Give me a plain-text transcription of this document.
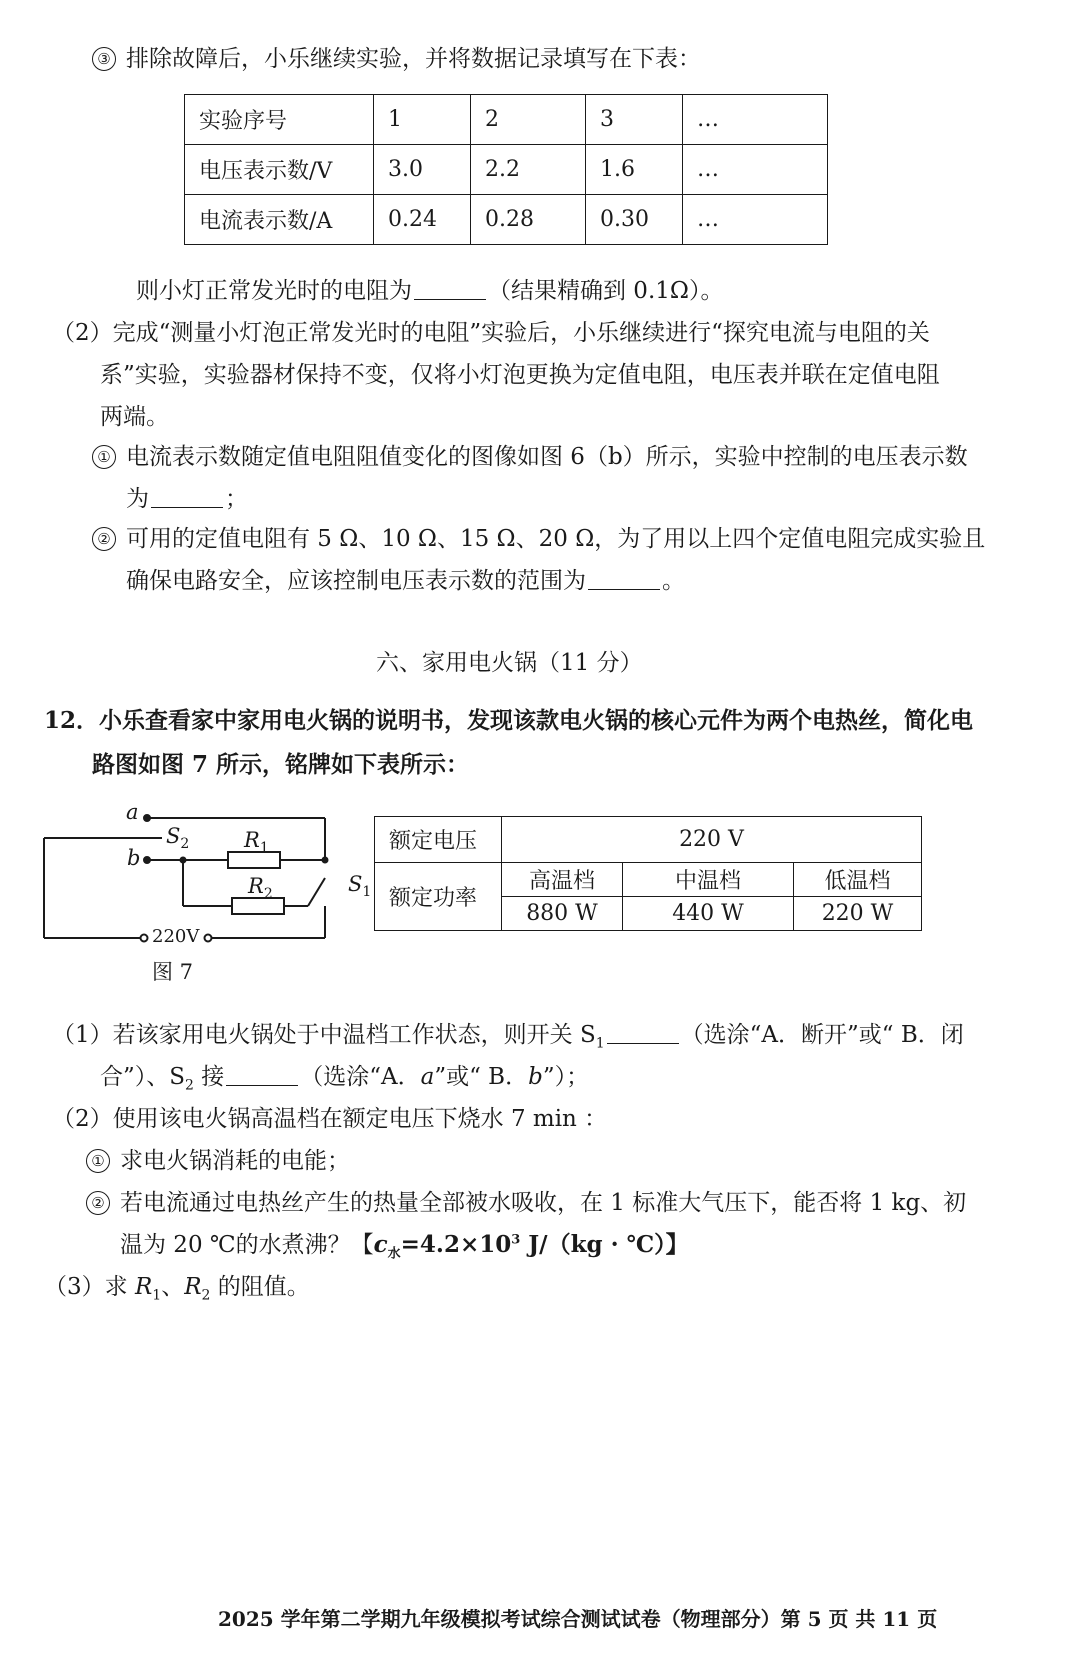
③ 排除故障后，小乐继续实验，并将数据记录填写在下表：
实验序号	1	2	3	…
电压表示数/V	3.0	2.2	1.6	…
电流表示数/A	0.24	0.28	0.30	…
则小灯正常发光时的电阻为	（结果精确到 0.1Ω）。
（2）完成“测量小灯泡正常发光时的电阻”实验后，小乐继续进行“探究电流与电阻的关
系”实验，实验器材保持不变，仅将小灯泡更换为定值电阻，电压表并联在定值电阻
两端。
① 电流表示数随定值电阻阻值变化的图像如图 6（b）所示，实验中控制的电压表示数
为	；
② 可用的定值电阻有 5 Ω、10 Ω、15 Ω、20 Ω，为了用以上四个定值电阻完成实验且
确保电路安全，应该控制电压表示数的范围为	。
六、家用电火锅（11 分）
12．小乐查看家中家用电火锅的说明书，发现该款电火锅的核心元件为两个电热丝，简化电
路图如图 7 所示，铭牌如下表所示：
a
b
$S_2$	$R_1$
$R_2$	$S_1$
220V
图 7
额定电压	220 V		
额定功率	高温档	中温档	低温档
	880 W	440 W	220 W
（1）若该家用电火锅处于中温档工作状态，则开关 $S_1$	（选涂“A．断开”或“ B．闭
合”）、$S_2$ 接	（选涂“A．a”或“ B．b”）；
（2）使用该电火锅高温档在额定电压下烧水 7 min ：
① 求电火锅消耗的电能；
② 若电流通过电热丝产生的热量全部被水吸收，在 1 标准大气压下，能否将 1 kg、初
温为 20 ℃的水煮沸？【$c_水=4.2\times 10^3$ J/（kg · ℃）】
（3）求 $R_1$、$R_2$ 的阻值。
2025 学年第二学期九年级模拟考试综合测试试卷（物理部分）第 5 页 共 11 页
